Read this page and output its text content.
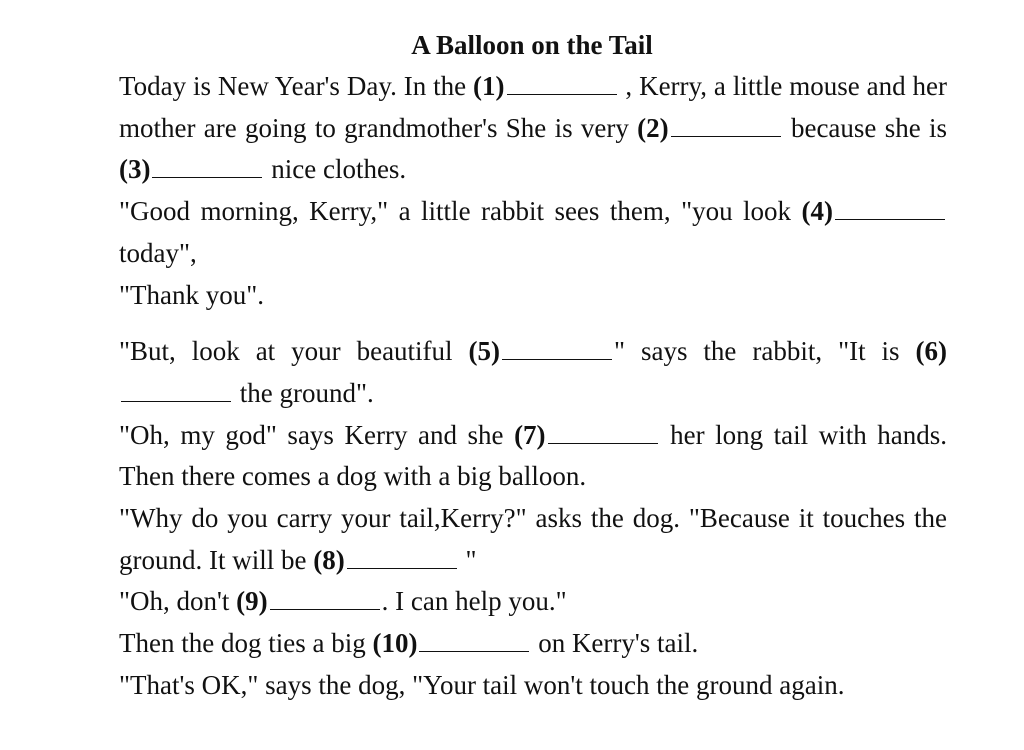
A Balloon on the Tail

Today is New Year's Day. In the (1)	, Kerry, a little mouse and her mother are going to grandmother's She is very (2)	because she is (3)	nice clothes.

"Good morning, Kerry," a little rabbit sees them, "you look (4) today",

"Thank you".

"But, look at your beautiful (5)	" says the rabbit, "It is (6) the ground".

"Oh, my god" says Kerry and she (7)	her long tail with hands. Then there comes a dog with a big balloon.

"Why do you carry your tail,Kerry?" asks the dog. "Because it touches the ground. It will be (8)	"

"Oh, don't (9)	. I can help you."

Then the dog ties a big (10)	on Kerry's tail.

"That's OK," says the dog, "Your tail won't touch the ground again.
